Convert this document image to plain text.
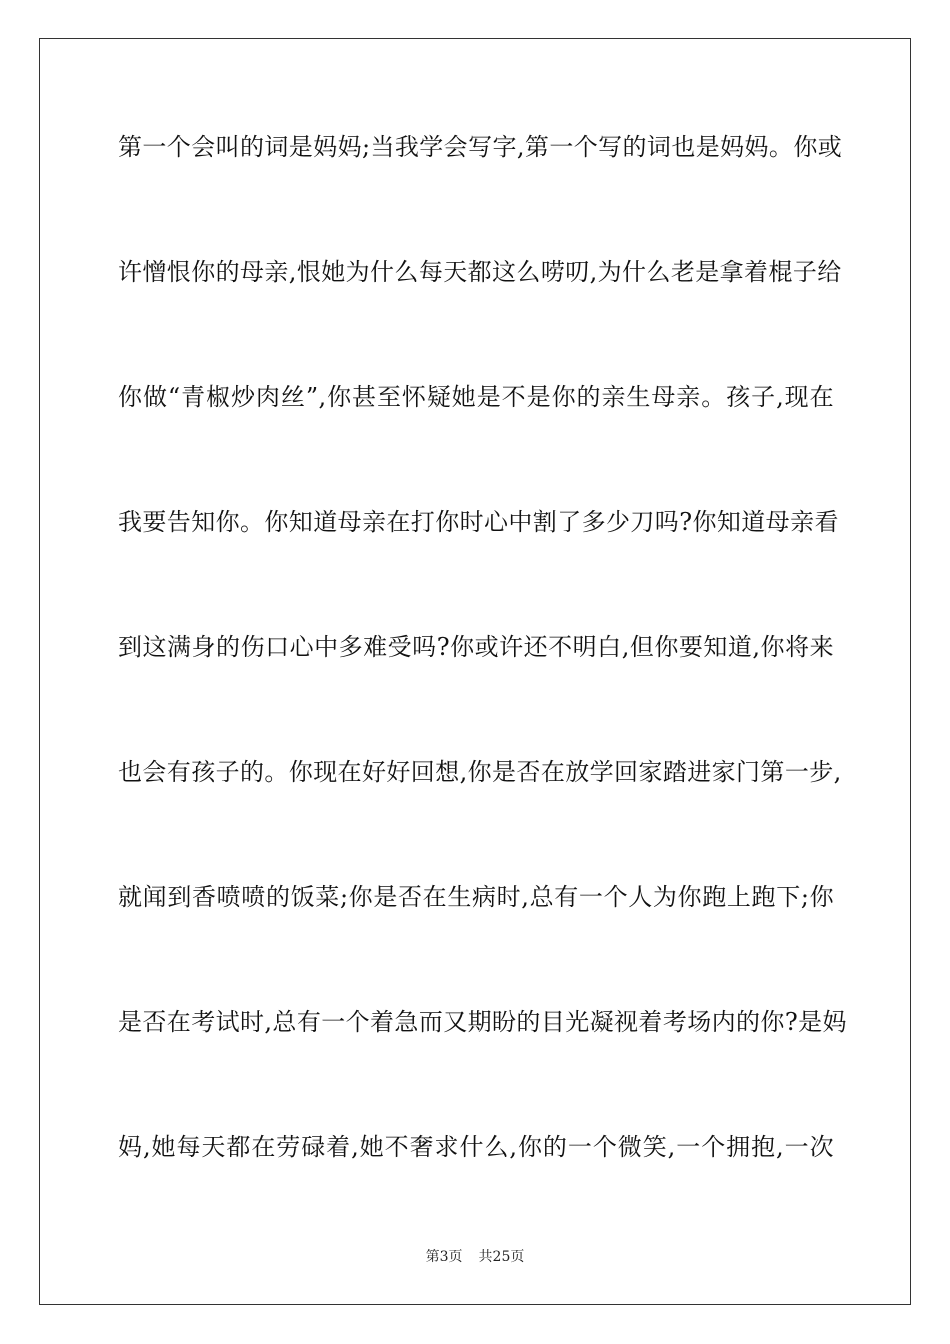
第一个会叫的词是妈妈;当我学会写字,第一个写的词也是妈妈。你或
许憎恨你的母亲,恨她为什么每天都这么唠叨,为什么老是拿着棍子给
你做“青椒炒肉丝”,你甚至怀疑她是不是你的亲生母亲。孩子,现在
我要告知你。你知道母亲在打你时心中割了多少刀吗?你知道母亲看
到这满身的伤口心中多难受吗?你或许还不明白,但你要知道,你将来
也会有孩子的。你现在好好回想,你是否在放学回家踏进家门第一步,
就闻到香喷喷的饭菜;你是否在生病时,总有一个人为你跑上跑下;你
是否在考试时,总有一个着急而又期盼的目光凝视着考场内的你?是妈
妈,她每天都在劳碌着,她不奢求什么,你的一个微笑,一个拥抱,一次
第3页 共25页
